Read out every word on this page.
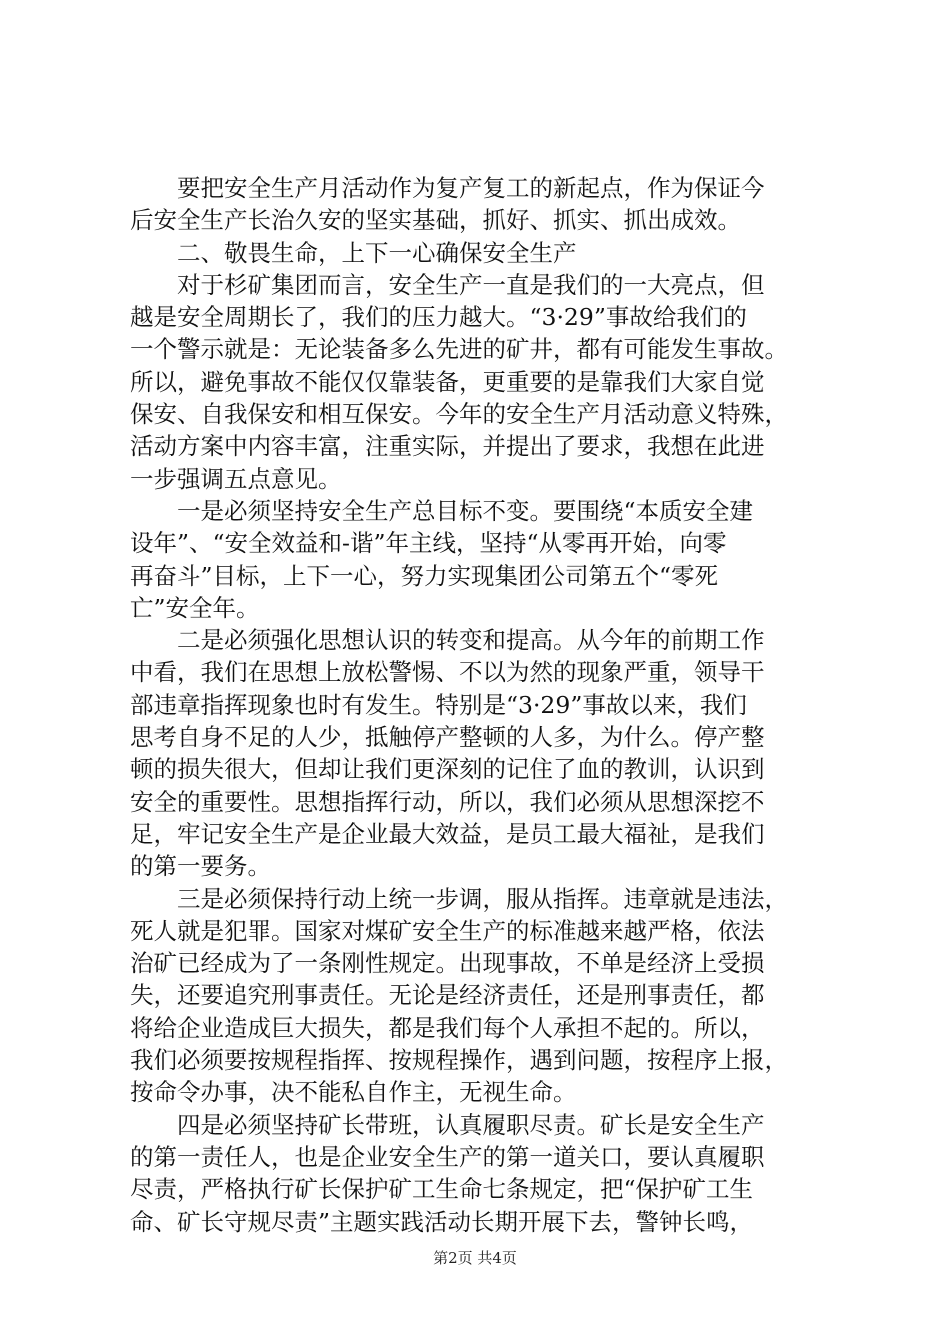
要把安全生产月活动作为复产复工的新起点，作为保证今
后安全生产长治久安的坚实基础，抓好、抓实、抓出成效。
二、敬畏生命，上下一心确保安全生产
对于杉矿集团而言，安全生产一直是我们的一大亮点，但
越是安全周期长了，我们的压力越大。“3·29”事故给我们的
一个警示就是：无论装备多么先进的矿井，都有可能发生事故。
所以，避免事故不能仅仅靠装备，更重要的是靠我们大家自觉
保安、自我保安和相互保安。今年的安全生产月活动意义特殊，
活动方案中内容丰富，注重实际，并提出了要求，我想在此进
一步强调五点意见。
一是必须坚持安全生产总目标不变。要围绕“本质安全建
设年”、“安全效益和-谐”年主线，坚持“从零再开始，向零
再奋斗”目标，上下一心，努力实现集团公司第五个“零死
亡”安全年。
二是必须强化思想认识的转变和提高。从今年的前期工作
中看，我们在思想上放松警惕、不以为然的现象严重，领导干
部违章指挥现象也时有发生。特别是“3·29”事故以来，我们
思考自身不足的人少，抵触停产整顿的人多，为什么。停产整
顿的损失很大，但却让我们更深刻的记住了血的教训，认识到
安全的重要性。思想指挥行动，所以，我们必须从思想深挖不
足，牢记安全生产是企业最大效益，是员工最大福祉，是我们
的第一要务。
三是必须保持行动上统一步调，服从指挥。违章就是违法，
死人就是犯罪。国家对煤矿安全生产的标准越来越严格，依法
治矿已经成为了一条刚性规定。出现事故，不单是经济上受损
失，还要追究刑事责任。无论是经济责任，还是刑事责任，都
将给企业造成巨大损失，都是我们每个人承担不起的。所以，
我们必须要按规程指挥、按规程操作，遇到问题，按程序上报，
按命令办事，决不能私自作主，无视生命。
四是必须坚持矿长带班，认真履职尽责。矿长是安全生产
的第一责任人，也是企业安全生产的第一道关口，要认真履职
尽责，严格执行矿长保护矿工生命七条规定，把“保护矿工生
命、矿长守规尽责”主题实践活动长期开展下去，警钟长鸣，
第2页 共4页
